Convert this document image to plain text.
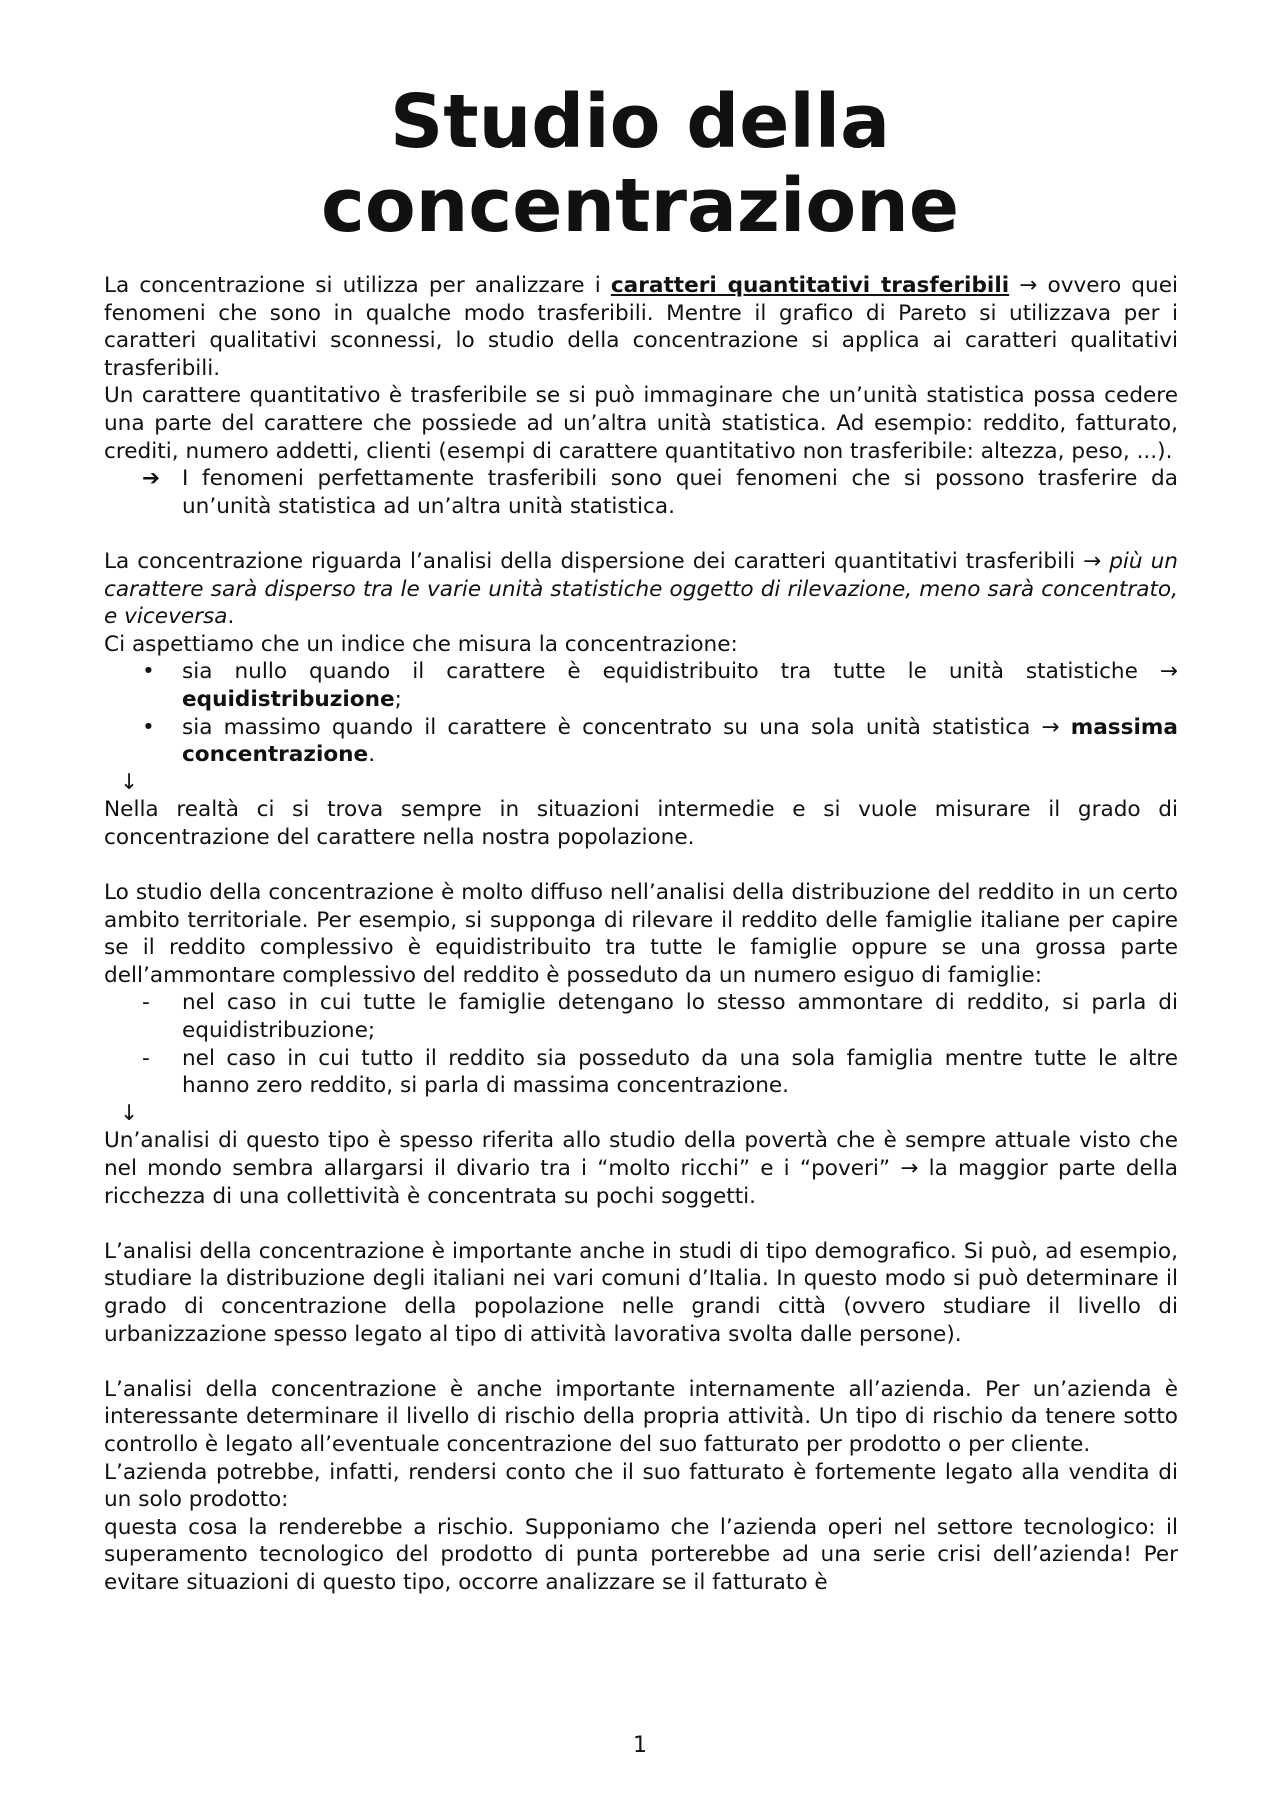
Studio della
concentrazione

La concentrazione si utilizza per analizzare i caratteri quantitativi trasferibili → ovvero quei fenomeni che sono in qualche modo trasferibili. Mentre il grafico di Pareto si utilizzava per i caratteri qualitativi sconnessi, lo studio della concentrazione si applica ai caratteri qualitativi trasferibili.

Un carattere quantitativo è trasferibile se si può immaginare che un’unità statistica possa cedere una parte del carattere che possiede ad un’altra unità statistica. Ad esempio: reddito, fatturato, crediti, numero addetti, clienti (esempi di carattere quantitativo non trasferibile: altezza, peso, ...).

➔ I fenomeni perfettamente trasferibili sono quei fenomeni che si possono trasferire da un’unità statistica ad un’altra unità statistica.

La concentrazione riguarda l’analisi della dispersione dei caratteri quantitativi trasferibili → più un carattere sarà disperso tra le varie unità statistiche oggetto di rilevazione, meno sarà concentrato, e viceversa.

Ci aspettiamo che un indice che misura la concentrazione:

• sia nullo quando il carattere è equidistribuito tra tutte le unità statistiche → equidistribuzione;
• sia massimo quando il carattere è concentrato su una sola unità statistica → massima concentrazione.
↓

Nella realtà ci si trova sempre in situazioni intermedie e si vuole misurare il grado di concentrazione del carattere nella nostra popolazione.

Lo studio della concentrazione è molto diffuso nell’analisi della distribuzione del reddito in un certo ambito territoriale. Per esempio, si supponga di rilevare il reddito delle famiglie italiane per capire se il reddito complessivo è equidistribuito tra tutte le famiglie oppure se una grossa parte dell’ammontare complessivo del reddito è posseduto da un numero esiguo di famiglie:

- nel caso in cui tutte le famiglie detengano lo stesso ammontare di reddito, si parla di equidistribuzione;
- nel caso in cui tutto il reddito sia posseduto da una sola famiglia mentre tutte le altre hanno zero reddito, si parla di massima concentrazione.
↓

Un’analisi di questo tipo è spesso riferita allo studio della povertà che è sempre attuale visto che nel mondo sembra allargarsi il divario tra i “molto ricchi” e i “poveri” → la maggior parte della ricchezza di una collettività è concentrata su pochi soggetti.

L’analisi della concentrazione è importante anche in studi di tipo demografico. Si può, ad esempio, studiare la distribuzione degli italiani nei vari comuni d’Italia. In questo modo si può determinare il grado di concentrazione della popolazione nelle grandi città (ovvero studiare il livello di urbanizzazione spesso legato al tipo di attività lavorativa svolta dalle persone).

L’analisi della concentrazione è anche importante internamente all’azienda. Per un’azienda è interessante determinare il livello di rischio della propria attività. Un tipo di rischio da tenere sotto controllo è legato all’eventuale concentrazione del suo fatturato per prodotto o per cliente.

L’azienda potrebbe, infatti, rendersi conto che il suo fatturato è fortemente legato alla vendita di un solo prodotto:

questa cosa la renderebbe a rischio. Supponiamo che l’azienda operi nel settore tecnologico: il superamento tecnologico del prodotto di punta porterebbe ad una serie crisi dell’azienda! Per evitare situazioni di questo tipo, occorre analizzare se il fatturato è

1
